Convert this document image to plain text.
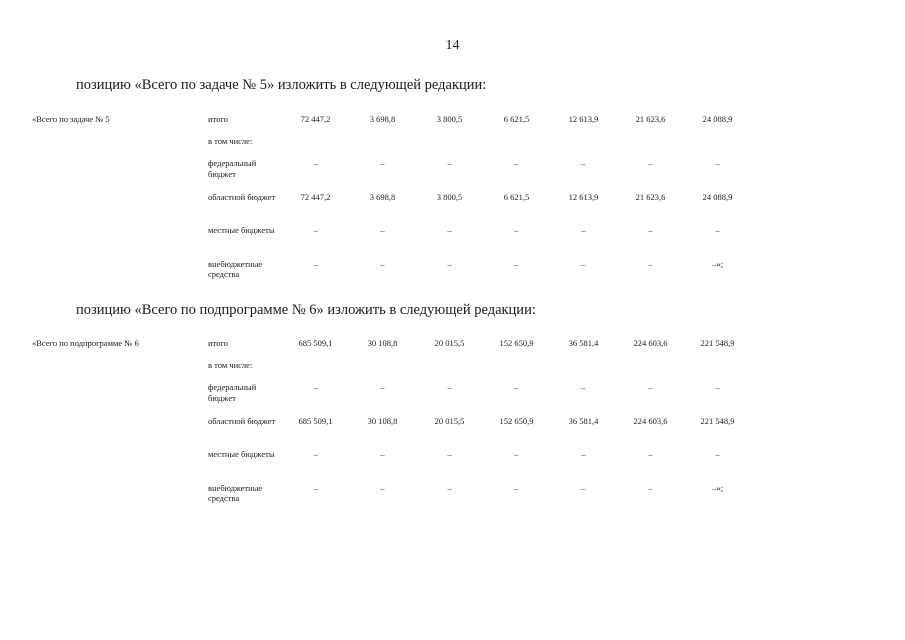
14
позицию «Всего по задаче № 5» изложить в следующей редакции:
«Всего по задаче № 5	итого	72 447,2	3 698,8	3 800,5	6 621,5	12 613,9	21 623,6	24 088,9
	в том числе:							
	федеральный бюджет	–	–	–	–	–	–	–
	областной бюджет	72 447,2	3 698,8	3 800,5	6 621,5	12 613,9	21 623,6	24 088,9
	местные бюджеты	–	–	–	–	–	–	–
	внебюджетные средства	–	–	–	–	–	–	–»;
позицию «Всего по подпрограмме № 6» изложить в следующей редакции:
«Всего по подпрограмме № 6	итого	685 509,1	30 108,8	20 015,5	152 650,9	36 581,4	224 603,6	221 548,9
	в том числе:							
	федеральный бюджет	–	–	–	–	–	–	–
	областной бюджет	685 509,1	30 108,8	20 015,5	152 650,9	36 581,4	224 603,6	221 548,9
	местные бюджеты	–	–	–	–	–	–	–
	внебюджетные средства	–	–	–	–	–	–	–»;
